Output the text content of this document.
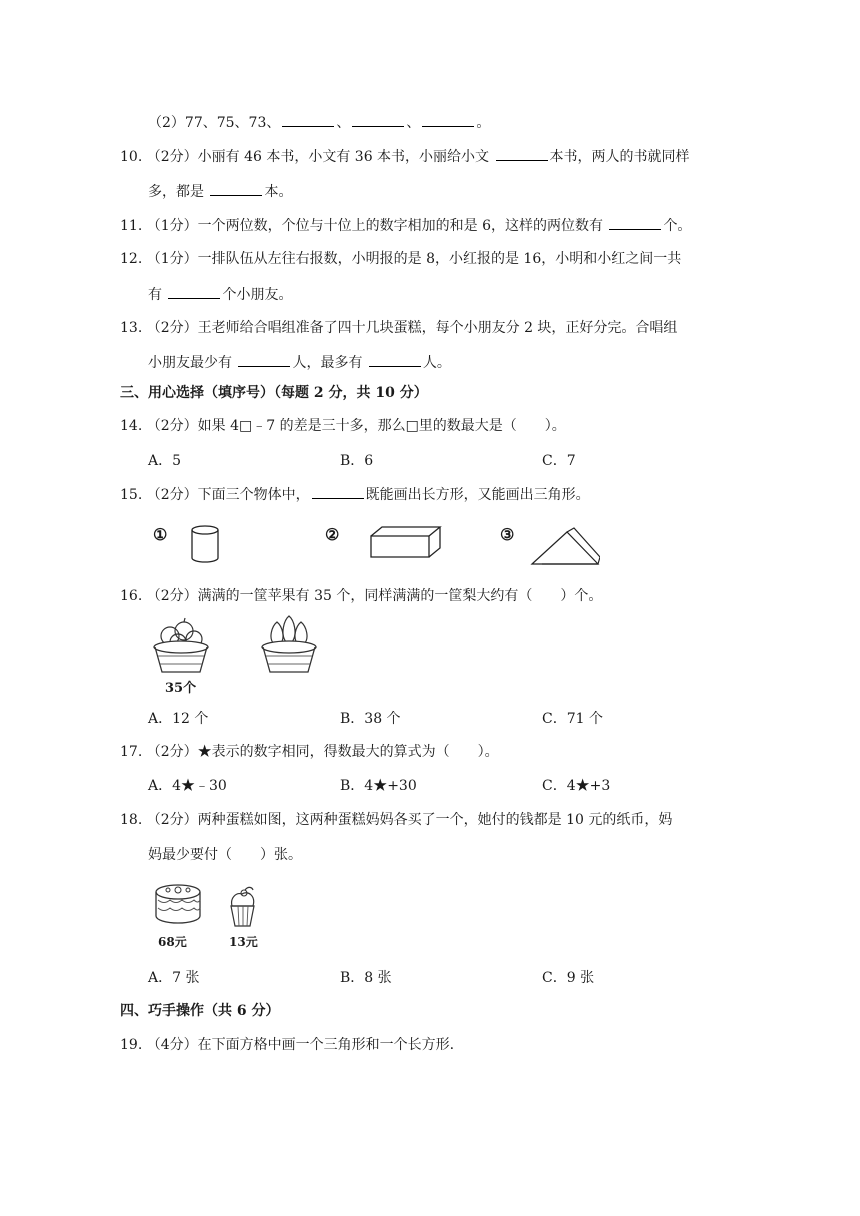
（2）77、75、73、	、	、	。
10. （2分）小丽有 46 本书，小文有 36 本书，小丽给小文	本书，两人的书就同样
多，都是	本。
11. （1分）一个两位数，个位与十位上的数字相加的和是 6，这样的两位数有	个。
12. （1分）一排队伍从左往右报数，小明报的是 8，小红报的是 16，小明和小红之间一共
有	个小朋友。
13. （2分）王老师给合唱组准备了四十几块蛋糕，每个小朋友分 2 块，正好分完。合唱组
小朋友最少有	人，最多有	人。
三、用心选择（填序号）（每题 2 分，共 10 分）
14. （2分）如果 4□﹣7 的差是三十多，那么□里的数最大是（　　）。
A．5	B．6	C．7
15. （2分）下面三个物体中，	既能画出长方形，又能画出三角形。
①	②	③
16. （2分）满满的一筐苹果有 35 个，同样满满的一筐梨大约有（　　）个。
35个
A．12 个	B．38 个	C．71 个
17. （2分）★表示的数字相同，得数最大的算式为（　　）。
A．4★﹣30	B．4★+30	C．4★+3
18. （2分）两种蛋糕如图，这两种蛋糕妈妈各买了一个，她付的钱都是 10 元的纸币，妈
妈最少要付（　　）张。
68元	13元
A．7 张	B．8 张	C．9 张
四、巧手操作（共 6 分）
19. （4分）在下面方格中画一个三角形和一个长方形.
